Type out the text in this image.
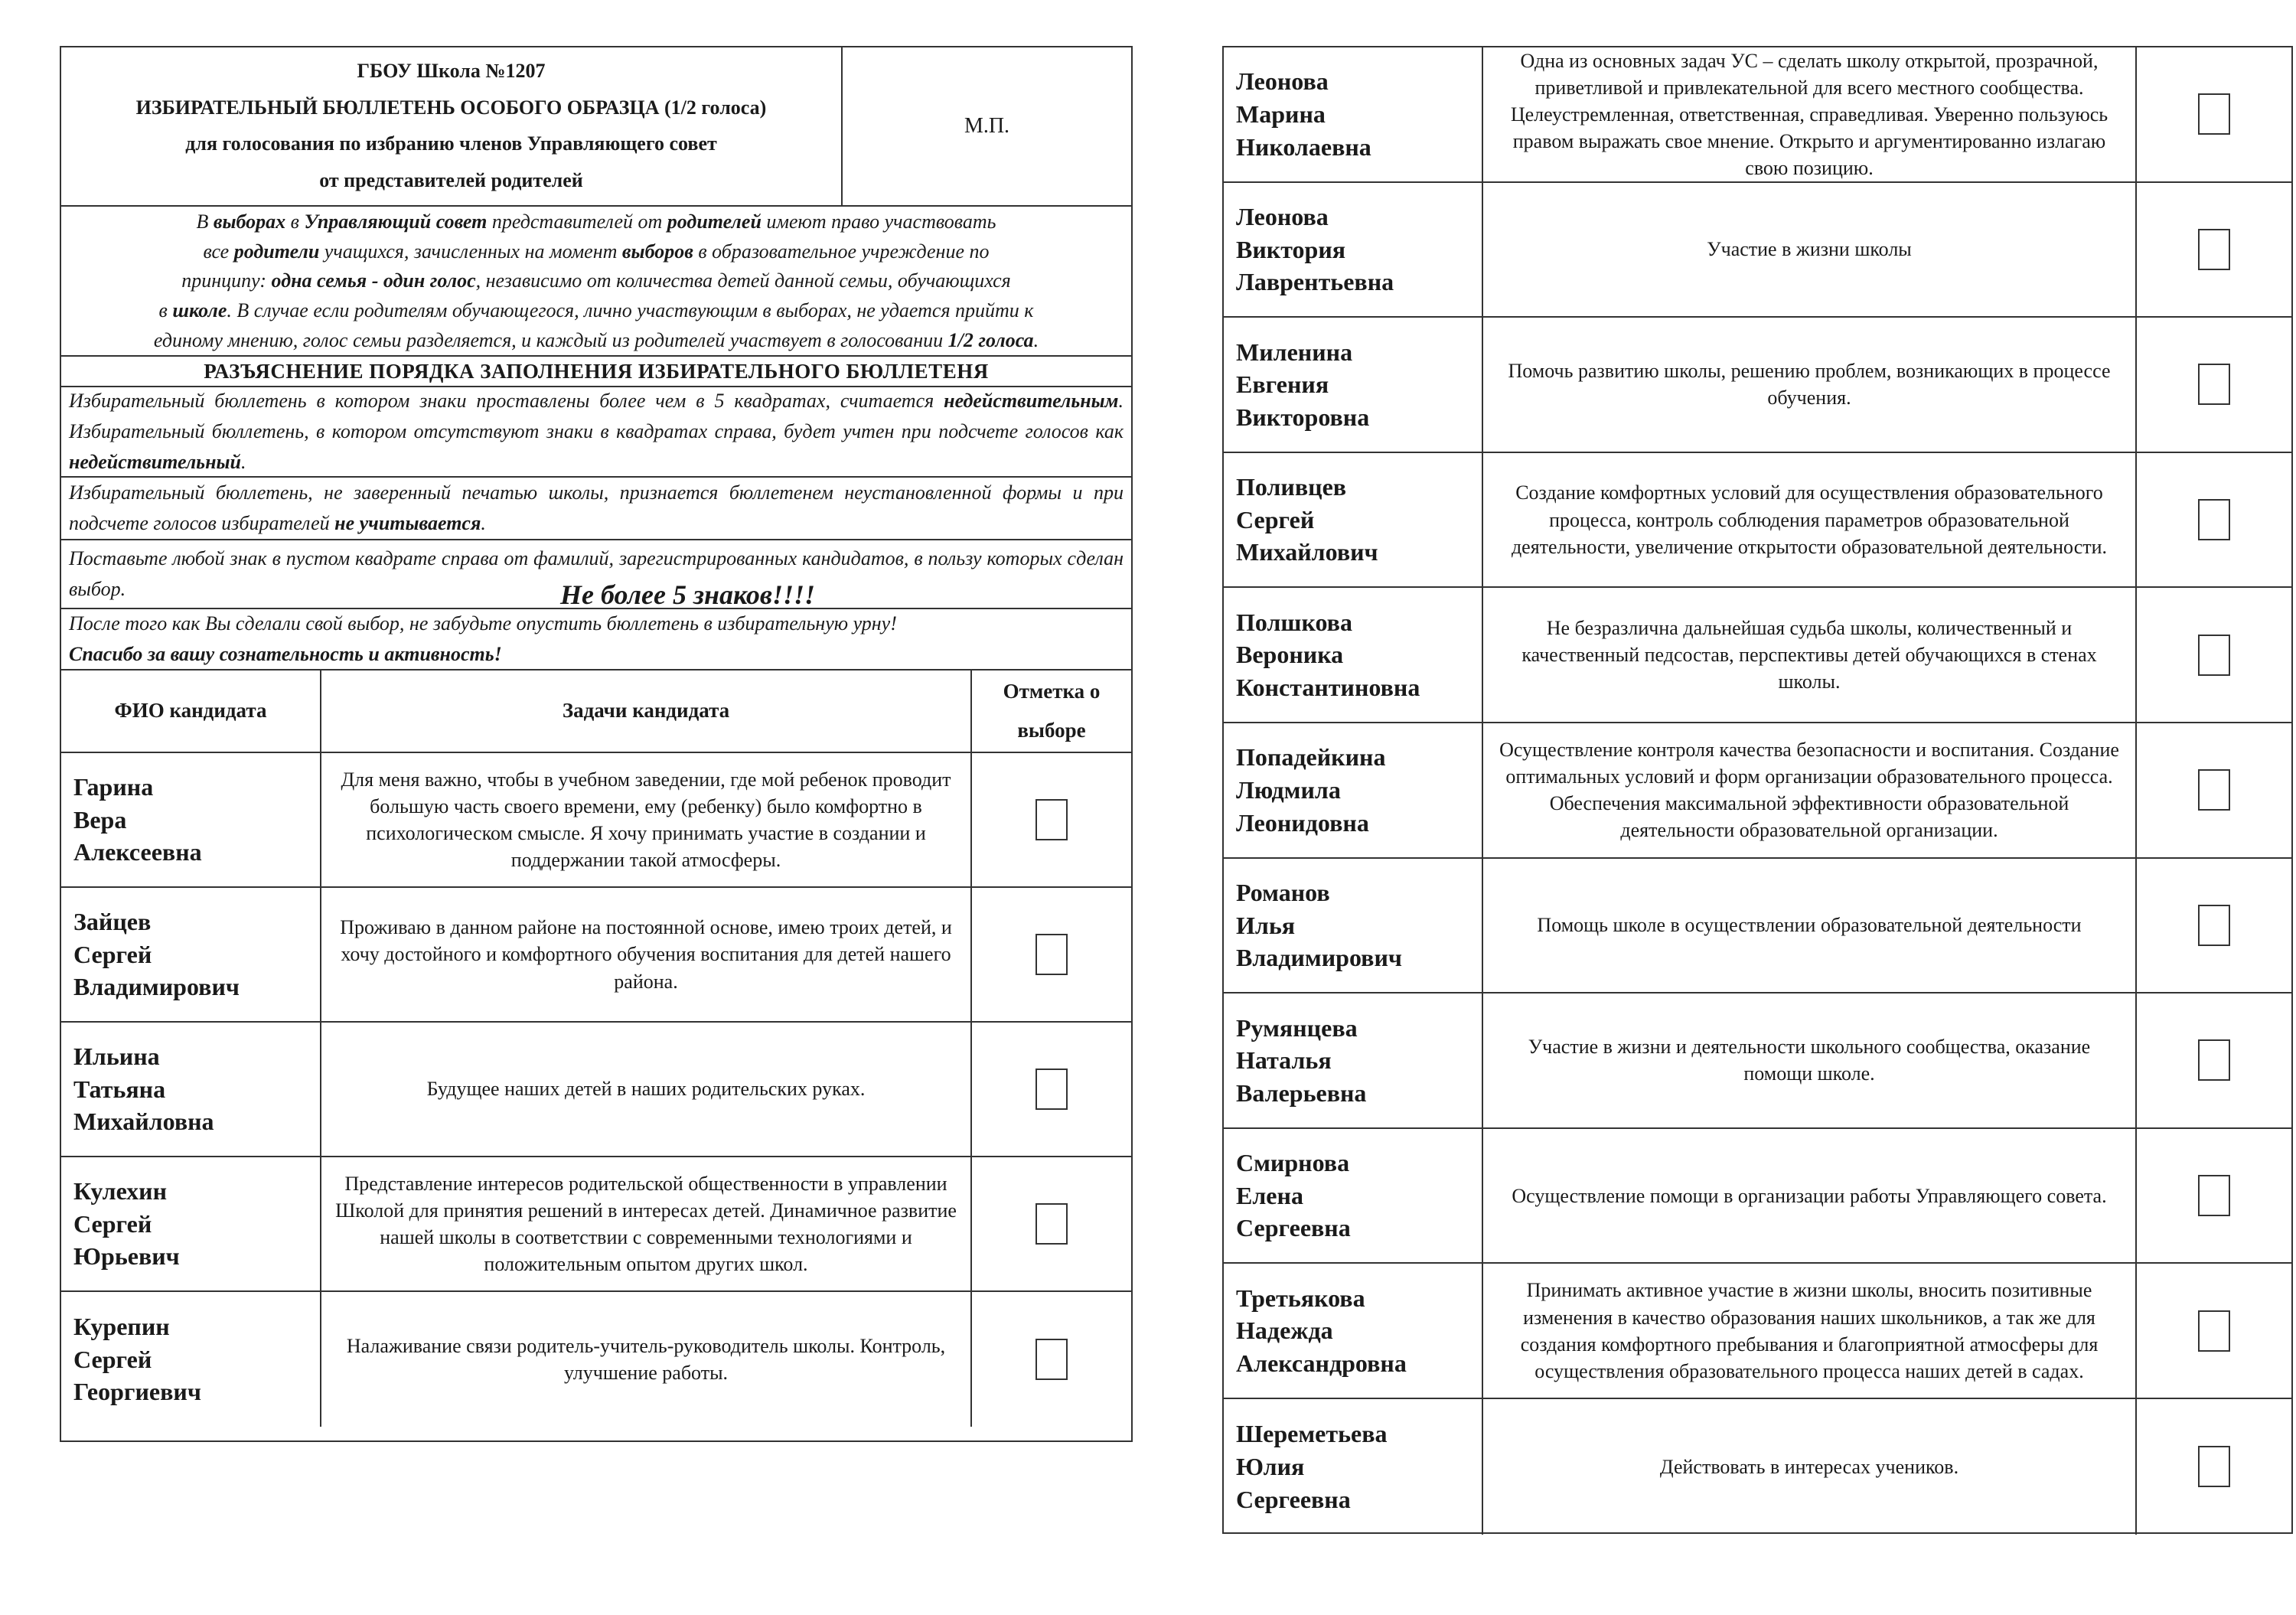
ГБОУ Школа №1207
ИЗБИРАТЕЛЬНЫЙ БЮЛЛЕТЕНЬ ОСОБОГО ОБРАЗЦА (1/2 голоса)
для голосования по избранию членов Управляющего совет
от представителей родителей
М.П.
В выборах в Управляющий совет представителей от родителей имеют право участвовать
все родители учащихся, зачисленных на момент выборов в образовательное учреждение по
принципу: одна семья - один голос, независимо от количества детей данной семьи, обучающихся
в школе. В случае если родителям обучающегося, лично участвующим в выборах, не удается прийти к
единому мнению, голос семьи разделяется, и каждый из родителей участвует в голосовании 1/2 голоса.
РАЗЪЯСНЕНИЕ ПОРЯДКА ЗАПОЛНЕНИЯ ИЗБИРАТЕЛЬНОГО БЮЛЛЕТЕНЯ
Избирательный бюллетень в котором знаки проставлены более чем в 5 квадратах, считается недействительным. Избирательный бюллетень, в котором отсутствуют знаки в квадратах справа, будет учтен при подсчете голосов как недействительный.
Избирательный бюллетень, не заверенный печатью школы, признается бюллетенем неустановленной формы и при подсчете голосов избирателей не учитывается.
Поставьте любой знак в пустом квадрате справа от фамилий, зарегистрированных кандидатов, в пользу которых сделан выбор.	Не более 5 знаков!!!!
После того как Вы сделали свой выбор, не забудьте опустить бюллетень в избирательную урну!
Спасибо за вашу сознательность и активность!
ФИО кандидата	Задачи кандидата
Отметка о
выборе
Гарина
Вера
Алексеевна
Для меня важно, чтобы в учебном заведении, где мой ребенок проводит большую часть своего времени, ему (ребенку) было комфортно в психологическом смысле. Я хочу принимать участие в создании и поддержании такой атмосферы.
Зайцев
Сергей
Владимирович
Проживаю в данном районе на постоянной основе, имею троих детей, и хочу достойного и комфортного обучения воспитания для детей нашего района.
Ильина
Татьяна
Михайловна
Будущее наших детей в наших родительских руках.
Кулехин
Сергей
Юрьевич
Представление интересов родительской общественности в управлении Школой для принятия решений в интересах детей. Динамичное развитие нашей школы в соответствии с современными технологиями и положительным опытом других школ.
Курепин
Сергей
Георгиевич
Налаживание связи родитель-учитель-руководитель школы. Контроль, улучшение работы.
Леонова
Марина
Николаевна
Одна из основных задач УС – сделать школу открытой, прозрачной, приветливой и привлекательной для всего местного сообщества. Целеустремленная, ответственная, справедливая. Уверенно пользуюсь правом выражать свое мнение. Открыто и аргументированно излагаю свою позицию.
Леонова
Виктория
Лаврентьевна
Участие в жизни школы
Миленина
Евгения
Викторовна
Помочь развитию школы, решению проблем, возникающих в процессе обучения.
Поливцев
Сергей
Михайлович
Создание комфортных условий для осуществления образовательного процесса, контроль соблюдения параметров образовательной деятельности, увеличение открытости образовательной деятельности.
Полшкова
Вероника
Константиновна
Не безразлична дальнейшая судьба школы, количественный и качественный педсостав, перспективы детей обучающихся в стенах школы.
Попадейкина
Людмила
Леонидовна
Осуществление контроля качества безопасности и воспитания. Создание оптимальных условий и форм организации образовательного процесса. Обеспечения максимальной эффективности образовательной деятельности образовательной организации.
Романов
Илья
Владимирович
Помощь школе в осуществлении образовательной деятельности
Румянцева
Наталья
Валерьевна
Участие в жизни и деятельности школьного сообщества, оказание помощи школе.
Смирнова
Елена
Сергеевна
Осуществление помощи в организации работы Управляющего совета.
Третьякова
Надежда
Александровна
Принимать активное участие в жизни школы, вносить позитивные изменения в качество образования наших школьников, а так же для создания комфортного пребывания и благоприятной атмосферы для осуществления образовательного процесса наших детей в садах.
Шереметьева
Юлия
Сергеевна
Действовать в интересах учеников.
